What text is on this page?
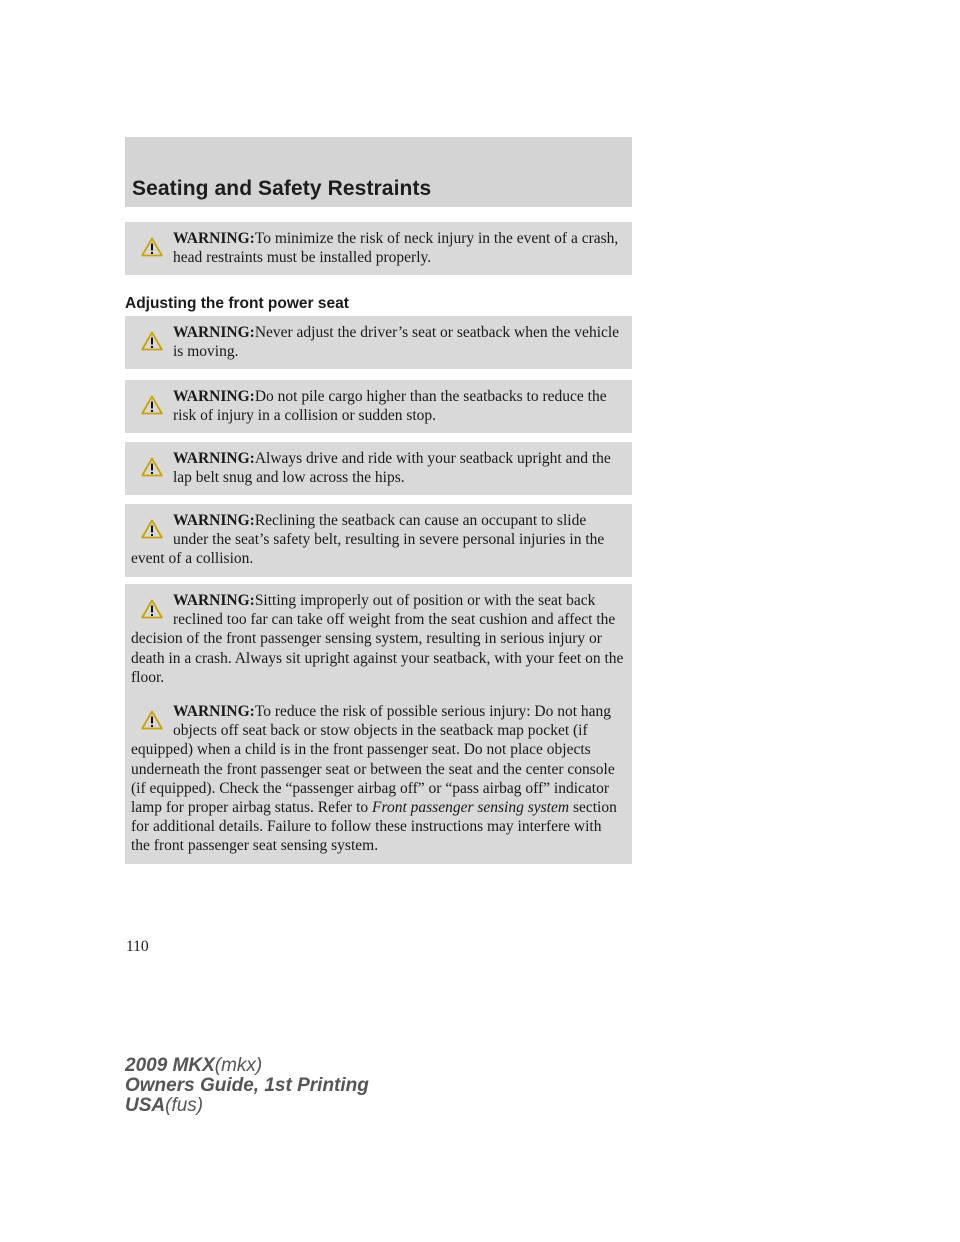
Seating and Safety Restraints

WARNING:To minimize the risk of neck injury in the event of a crash, head restraints must be installed properly.

Adjusting the front power seat

WARNING:Never adjust the driver’s seat or seatback when the vehicle is moving.

WARNING:Do not pile cargo higher than the seatbacks to reduce the risk of injury in a collision or sudden stop.

WARNING:Always drive and ride with your seatback upright and the lap belt snug and low across the hips.

WARNING:Reclining the seatback can cause an occupant to slide under the seat’s safety belt, resulting in severe personal injuries in the event of a collision.

WARNING:Sitting improperly out of position or with the seat back reclined too far can take off weight from the seat cushion and affect the decision of the front passenger sensing system, resulting in serious injury or death in a crash. Always sit upright against your seatback, with your feet on the floor.

WARNING:To reduce the risk of possible serious injury: Do not hang objects off seat back or stow objects in the seatback map pocket (if equipped) when a child is in the front passenger seat. Do not place objects underneath the front passenger seat or between the seat and the center console (if equipped). Check the “passenger airbag off” or “pass airbag off” indicator lamp for proper airbag status. Refer to Front passenger sensing system section for additional details. Failure to follow these instructions may interfere with the front passenger seat sensing system.

110
2009 MKX(mkx)
Owners Guide, 1st Printing
USA(fus)
